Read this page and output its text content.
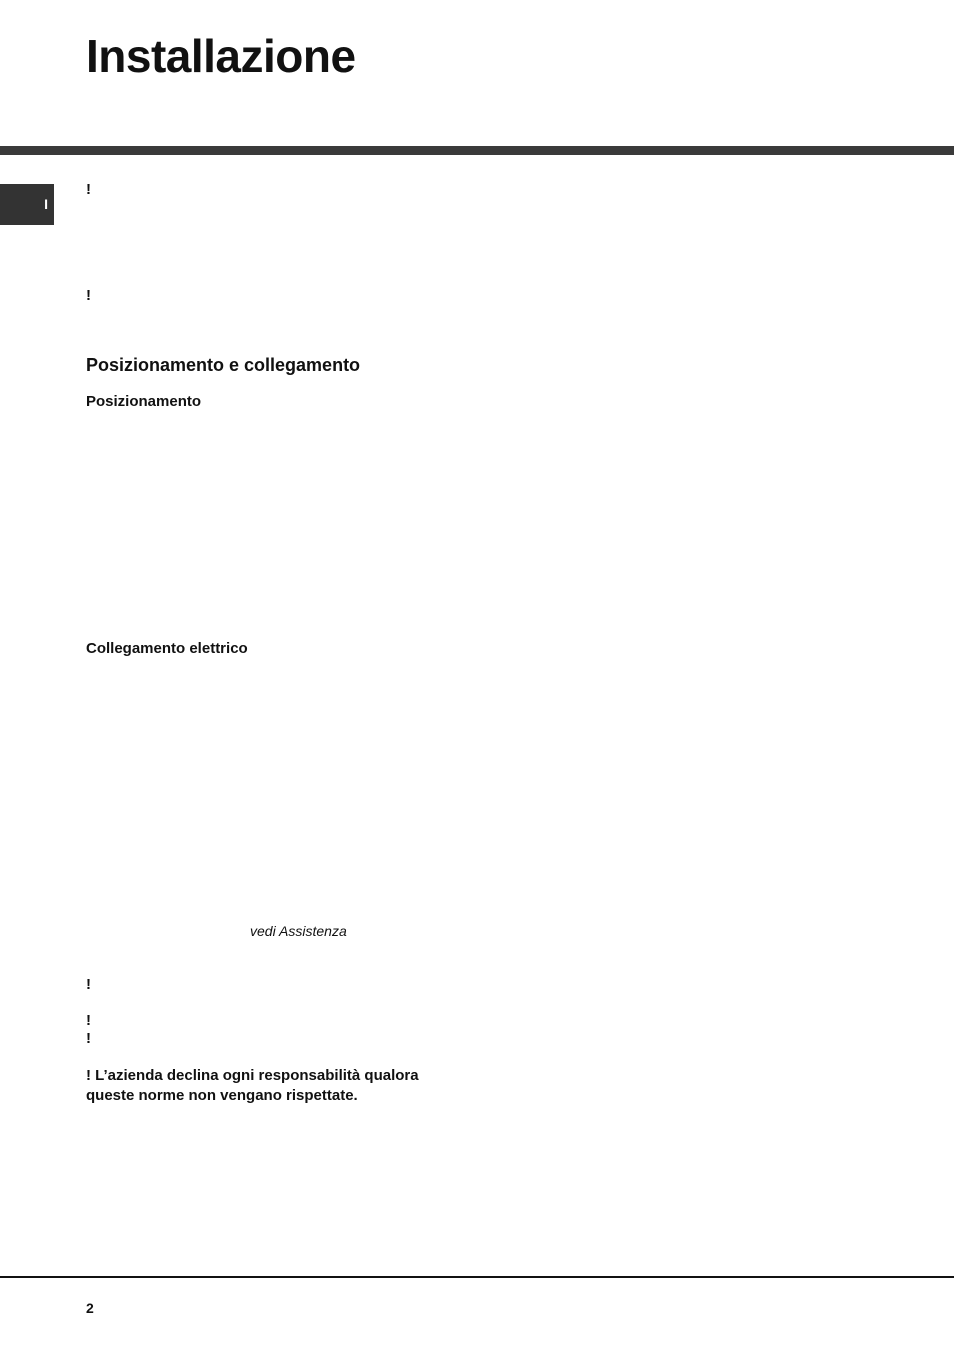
Installazione
I
!
!
Posizionamento e collegamento
Posizionamento
Collegamento elettrico
vedi Assistenza
!
!
!

! L’azienda declina ogni responsabilità qualora
queste norme non vengano rispettate.

2
